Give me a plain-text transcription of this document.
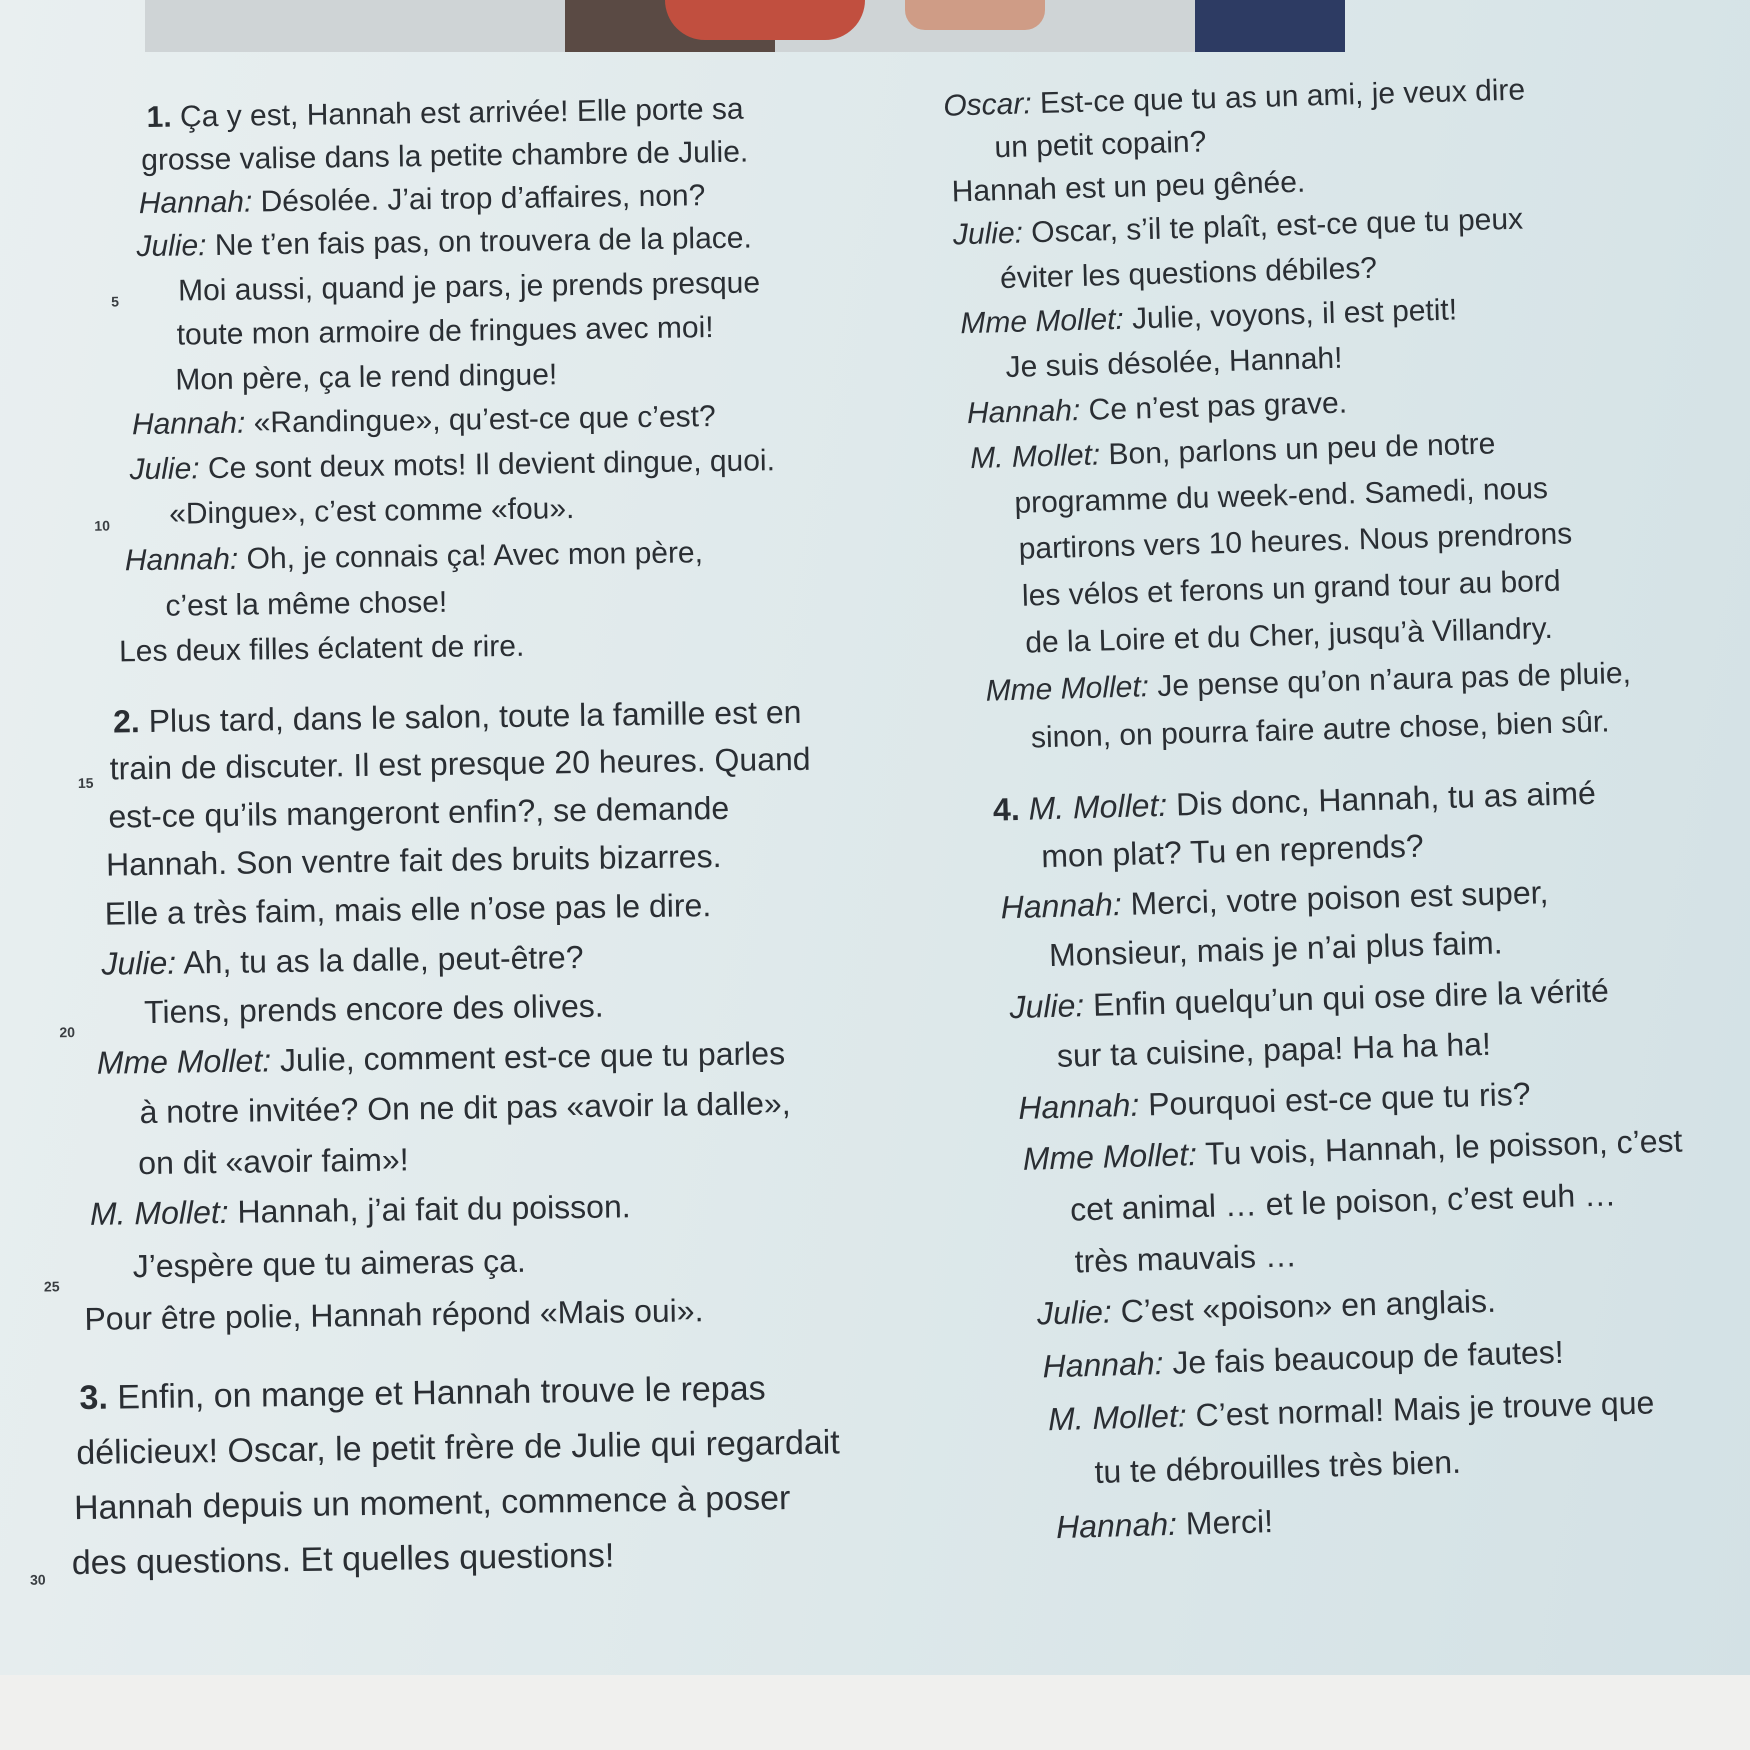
1. Ça y est, Hannah est arrivée! Elle porte sa
grosse valise dans la petite chambre de Julie.
Hannah: Désolée. J’ai trop d’affaires, non?
Julie: Ne t’en fais pas, on trouvera de la place.
Moi aussi, quand je pars, je prends presque
toute mon armoire de fringues avec moi!
Mon père, ça le rend dingue!
Hannah: «Randingue», qu’est-ce que c’est?
Julie: Ce sont deux mots! Il devient dingue, quoi.
«Dingue», c’est comme «fou».
Hannah: Oh, je connais ça! Avec mon père,
c’est la même chose!
Les deux filles éclatent de rire.
2. Plus tard, dans le salon, toute la famille est en
train de discuter. Il est presque 20 heures. Quand
est-ce qu’ils mangeront enfin?, se demande
Hannah. Son ventre fait des bruits bizarres.
Elle a très faim, mais elle n’ose pas le dire.
Julie: Ah, tu as la dalle, peut-être?
Tiens, prends encore des olives.
Mme Mollet: Julie, comment est-ce que tu parles
à notre invitée? On ne dit pas «avoir la dalle»,
on dit «avoir faim»!
M. Mollet: Hannah, j’ai fait du poisson.
J’espère que tu aimeras ça.
Pour être polie, Hannah répond «Mais oui».
3. Enfin, on mange et Hannah trouve le repas
délicieux! Oscar, le petit frère de Julie qui regardait
Hannah depuis un moment, commence à poser
des questions. Et quelles questions!
5
10
15
20
25
30
Oscar: Est-ce que tu as un ami, je veux dire
un petit copain?
Hannah est un peu gênée.
Julie: Oscar, s’il te plaît, est-ce que tu peux
éviter les questions débiles?
Mme Mollet: Julie, voyons, il est petit!
Je suis désolée, Hannah!
Hannah: Ce n’est pas grave.
M. Mollet: Bon, parlons un peu de notre
programme du week-end. Samedi, nous
partirons vers 10 heures. Nous prendrons
les vélos et ferons un grand tour au bord
de la Loire et du Cher, jusqu’à Villandry.
Mme Mollet: Je pense qu’on n’aura pas de pluie,
sinon, on pourra faire autre chose, bien sûr.
4. M. Mollet: Dis donc, Hannah, tu as aimé
mon plat? Tu en reprends?
Hannah: Merci, votre poison est super,
Monsieur, mais je n’ai plus faim.
Julie: Enfin quelqu’un qui ose dire la vérité
sur ta cuisine, papa! Ha ha ha!
Hannah: Pourquoi est-ce que tu ris?
Mme Mollet: Tu vois, Hannah, le poisson, c’est
cet animal … et le poison, c’est euh …
très mauvais …
Julie: C’est «poison» en anglais.
Hannah: Je fais beaucoup de fautes!
M. Mollet: C’est normal! Mais je trouve que
tu te débrouilles très bien.
Hannah: Merci!
